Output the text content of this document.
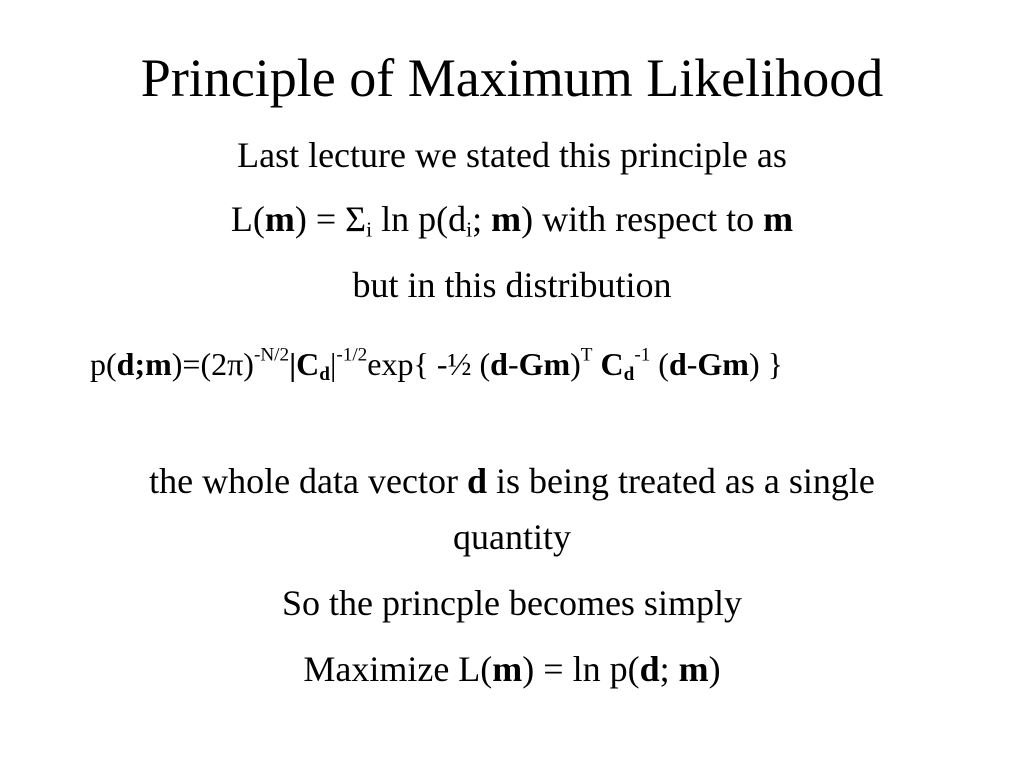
Principle of Maximum Likelihood
Last lecture we stated this principle as
$L(m) = \Sigma_i$ $\ln p(d_i$; m) with respect to m
but in this distribution
$p(d;m)=(2\pi)^{-N/2}|C_d|^{-1/2}\exp${ -½ $(d-Gm)^T$ $C_d^{-1}$ (d-Gm) }
the whole data vector d is being treated as a single
quantity
So the princple becomes simply
Maximize L(m) = ln p(d; m)
